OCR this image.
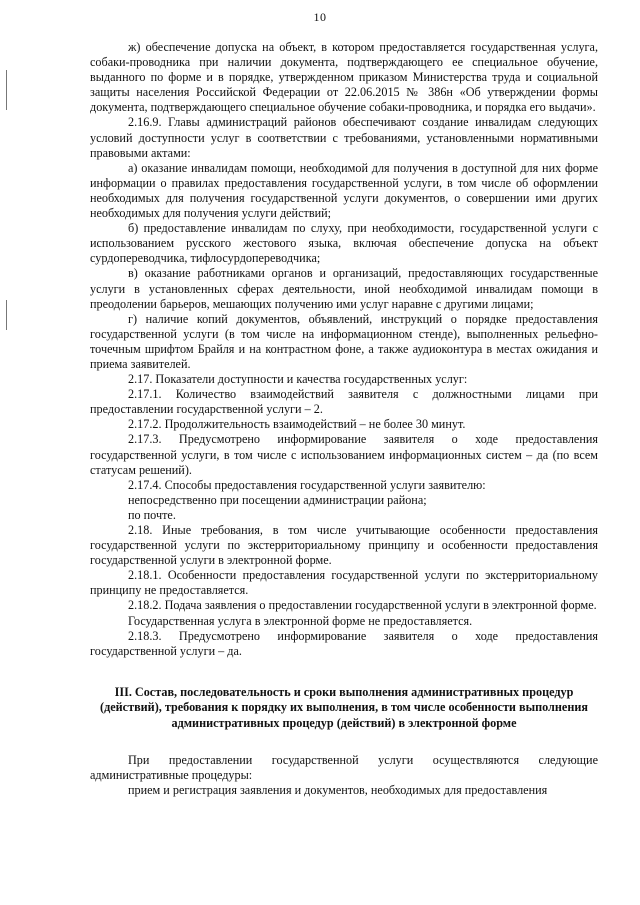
10

ж) обеспечение допуска на объект, в котором предоставляется государственная услуга, собаки-проводника при наличии документа, подтверждающего ее специальное обучение, выданного по форме и в порядке, утвержденном приказом Министерства труда и социальной защиты населения Российской Федерации от 22.06.2015 № 386н «Об утверждении формы документа, подтверждающего специальное обучение собаки-проводника, и порядка его выдачи».

2.16.9. Главы администраций районов обеспечивают создание инвалидам следующих условий доступности услуг в соответствии с требованиями, установленными нормативными правовыми актами:

а) оказание инвалидам помощи, необходимой для получения в доступной для них форме информации о правилах предоставления государственной услуги, в том числе об оформлении необходимых для получения государственной услуги документов, о совершении ими других необходимых для получения услуги действий;

б) предоставление инвалидам по слуху, при необходимости, государственной услуги с использованием русского жестового языка, включая обеспечение допуска на объект сурдопереводчика, тифлосурдопереводчика;

в) оказание работниками органов и организаций, предоставляющих государственные услуги в установленных сферах деятельности, иной необходимой инвалидам помощи в преодолении барьеров, мешающих получению ими услуг наравне с другими лицами;

г) наличие копий документов, объявлений, инструкций о порядке предоставления государственной услуги (в том числе на информационном стенде), выполненных рельефно-точечным шрифтом Брайля и на контрастном фоне, а также аудиоконтура в местах ожидания и приема заявителей.

2.17. Показатели доступности и качества государственных услуг:

2.17.1. Количество взаимодействий заявителя с должностными лицами при предоставлении государственной услуги – 2.

2.17.2. Продолжительность взаимодействий – не более 30 минут.

2.17.3. Предусмотрено информирование заявителя о ходе предоставления государственной услуги, в том числе с использованием информационных систем – да (по всем статусам решений).

2.17.4. Способы предоставления государственной услуги заявителю:

непосредственно при посещении администрации района;

по почте.

2.18. Иные требования, в том числе учитывающие особенности предоставления государственной услуги по экстерриториальному принципу и особенности предоставления государственной услуги в электронной форме.

2.18.1. Особенности предоставления государственной услуги по экстерриториальному принципу не предоставляется.

2.18.2. Подача заявления о предоставлении государственной услуги в электронной форме.

Государственная услуга в электронной форме не предоставляется.

2.18.3. Предусмотрено информирование заявителя о ходе предоставления государственной услуги – да.

III. Состав, последовательность и сроки выполнения административных процедур (действий), требования к порядку их выполнения, в том числе особенности выполнения административных процедур (действий) в электронной форме

При предоставлении государственной услуги осуществляются следующие административные процедуры:

прием и регистрация заявления и документов, необходимых для предоставления
